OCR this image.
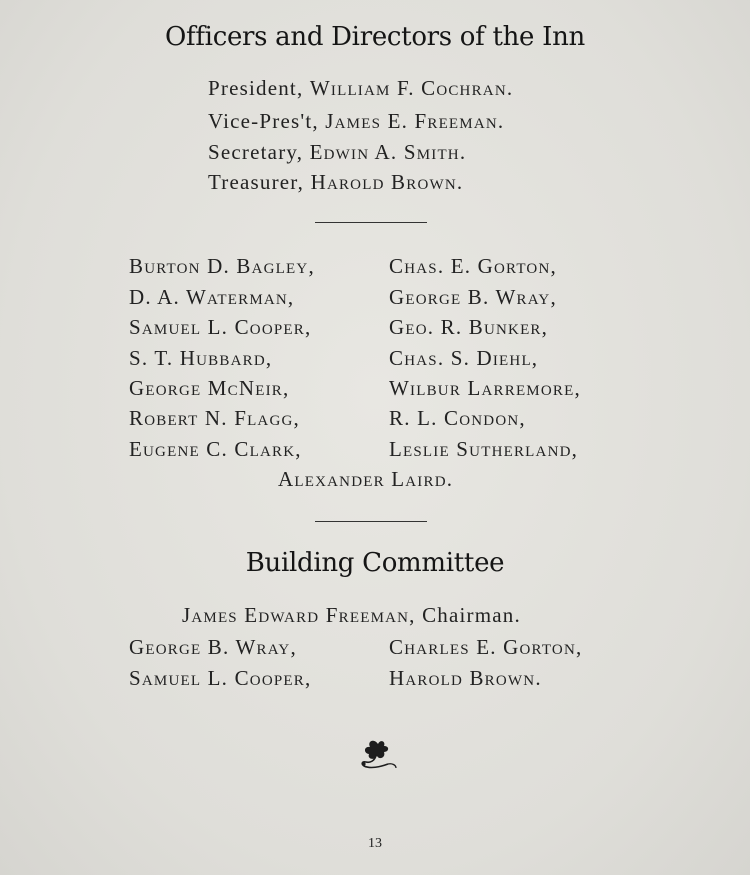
Officers and Directors of the Inn
President, William F. Cochran.
Vice-Pres't, James E. Freeman.
Secretary, Edwin A. Smith.
Treasurer, Harold Brown.
Burton D. Bagley,
D. A. Waterman,
Samuel L. Cooper,
S. T. Hubbard,
George McNeir,
Robert N. Flagg,
Eugene C. Clark,
Chas. E. Gorton,
George B. Wray,
Geo. R. Bunker,
Chas. S. Diehl,
Wilbur Larremore,
R. L. Condon,
Leslie Sutherland,
Alexander Laird.
Building Committee
James Edward Freeman, Chairman.
George B. Wray,
Samuel L. Cooper,
Charles E. Gorton,
Harold Brown.
13
